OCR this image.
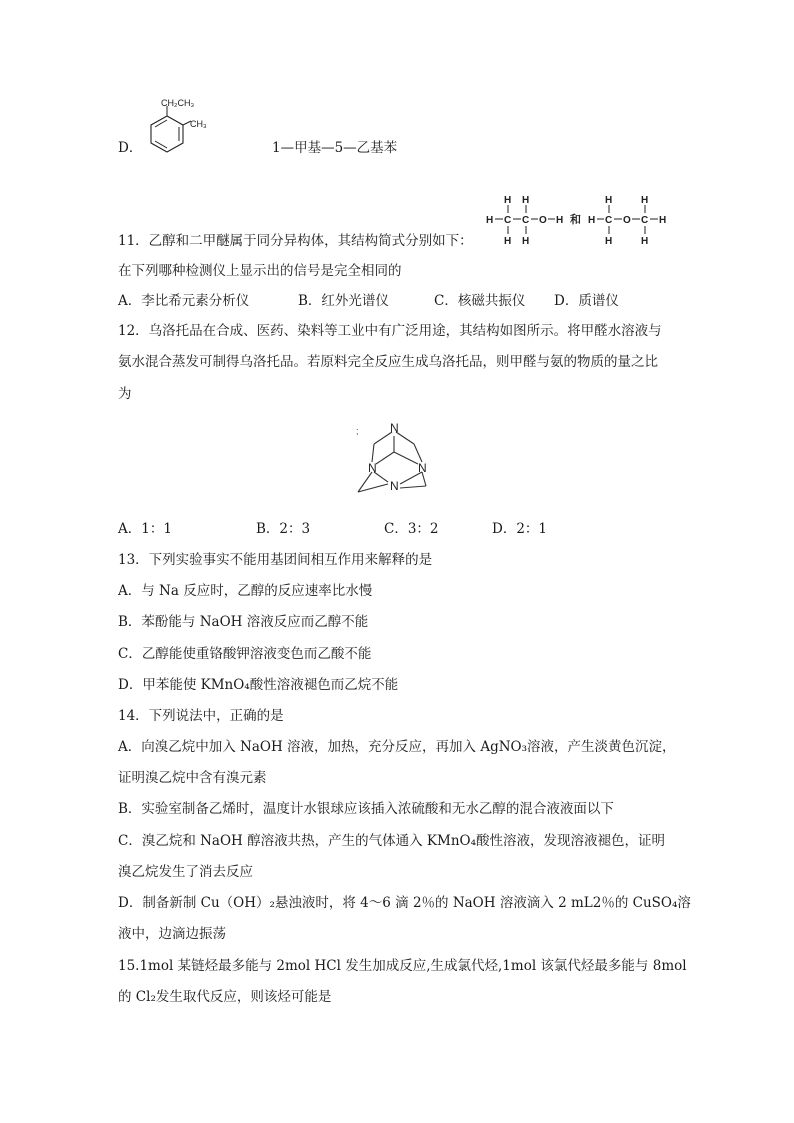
D．
CH₂CH₃
CH₃
1—甲基—5—乙基苯
11．乙醇和二甲醚属于同分异构体，其结构简式分别如下：
H C
H
H
C
H
H
O H H C
H
H
O C
H
H
H
和
在下列哪种检测仪上显示出的信号是完全相同的
A．李比希元素分析仪	B．红外光谱仪	C．核磁共振仪 D．质谱仪
12．乌洛托品在合成、医药、染料等工业中有广泛用途，其结构如图所示。将甲醛水溶液与
氨水混合蒸发可制得乌洛托品。若原料完全反应生成乌洛托品，则甲醛与氨的物质的量之比
为
;	N
N	N
N
A．1：1	B．2：3	C．3：2	D．2：1
13．下列实验事实不能用基团间相互作用来解释的是
A．与 Na 反应时，乙醇的反应速率比水慢
B．苯酚能与 NaOH 溶液反应而乙醇不能
C．乙醇能使重铬酸钾溶液变色而乙酸不能
D．甲苯能使 KMnO₄酸性溶液褪色而乙烷不能
14．下列说法中，正确的是
A．向溴乙烷中加入 NaOH 溶液，加热，充分反应，再加入 AgNO₃溶液，产生淡黄色沉淀，
证明溴乙烷中含有溴元素
B．实验室制备乙烯时，温度计水银球应该插入浓硫酸和无水乙醇的混合液液面以下
C．溴乙烷和 NaOH 醇溶液共热，产生的气体通入 KMnO₄酸性溶液，发现溶液褪色，证明
溴乙烷发生了消去反应
D．制备新制 Cu（OH）₂悬浊液时，将 4～6 滴 2％的 NaOH 溶液滴入 2 mL2％的 CuSO₄溶
液中，边滴边振荡
15.1mol 某链烃最多能与 2mol HCl 发生加成反应,生成氯代烃,1mol 该氯代烃最多能与 8mol
的 Cl₂发生取代反应，则该烃可能是
